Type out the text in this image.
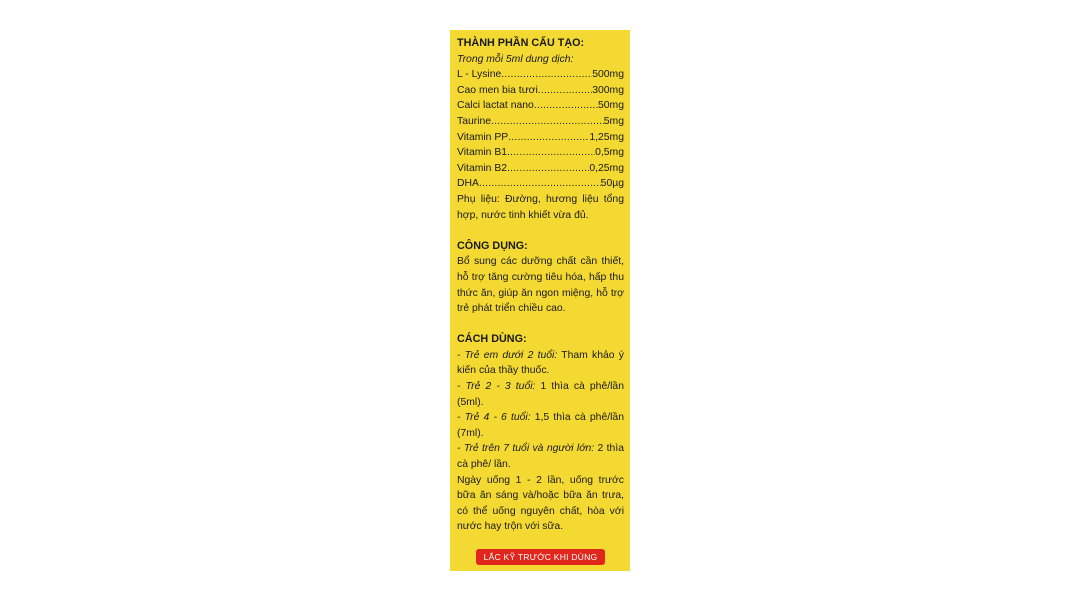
THÀNH PHẦN CẤU TẠO:
Trong mỗi 5ml dung dịch:
L - Lysine .....	500mg
Cao men bia tươi .....	300mg
Calci lactat nano .....	50mg
Taurine .....	5mg
Vitamin PP .....	1,25mg
Vitamin B1 .....	0,5mg
Vitamin B2 .....	0,25mg
DHA .....	50µg
Phụ liệu: Đường, hương liệu tổng hợp, nước tinh khiết vừa đủ.
CÔNG DỤNG:
Bổ sung các dưỡng chất cần thiết, hỗ trợ tăng cường tiêu hóa, hấp thu thức ăn, giúp ăn ngon miệng, hỗ trợ trẻ phát triển chiều cao.
CÁCH DÙNG:
- Trẻ em dưới 2 tuổi: Tham khảo ý kiến của thầy thuốc.
- Trẻ 2 - 3 tuổi: 1 thìa cà phê/lần (5ml).
- Trẻ 4 - 6 tuổi: 1,5 thìa cà phê/lần (7ml).
- Trẻ trên 7 tuổi và người lớn: 2 thìa cà phê/ lần.
Ngày uống 1 - 2 lần, uống trước bữa ăn sáng và/hoặc bữa ăn trưa, có thể uống nguyên chất, hòa với nước hay trộn với sữa.
LẮC KỸ TRƯỚC KHI DÙNG
